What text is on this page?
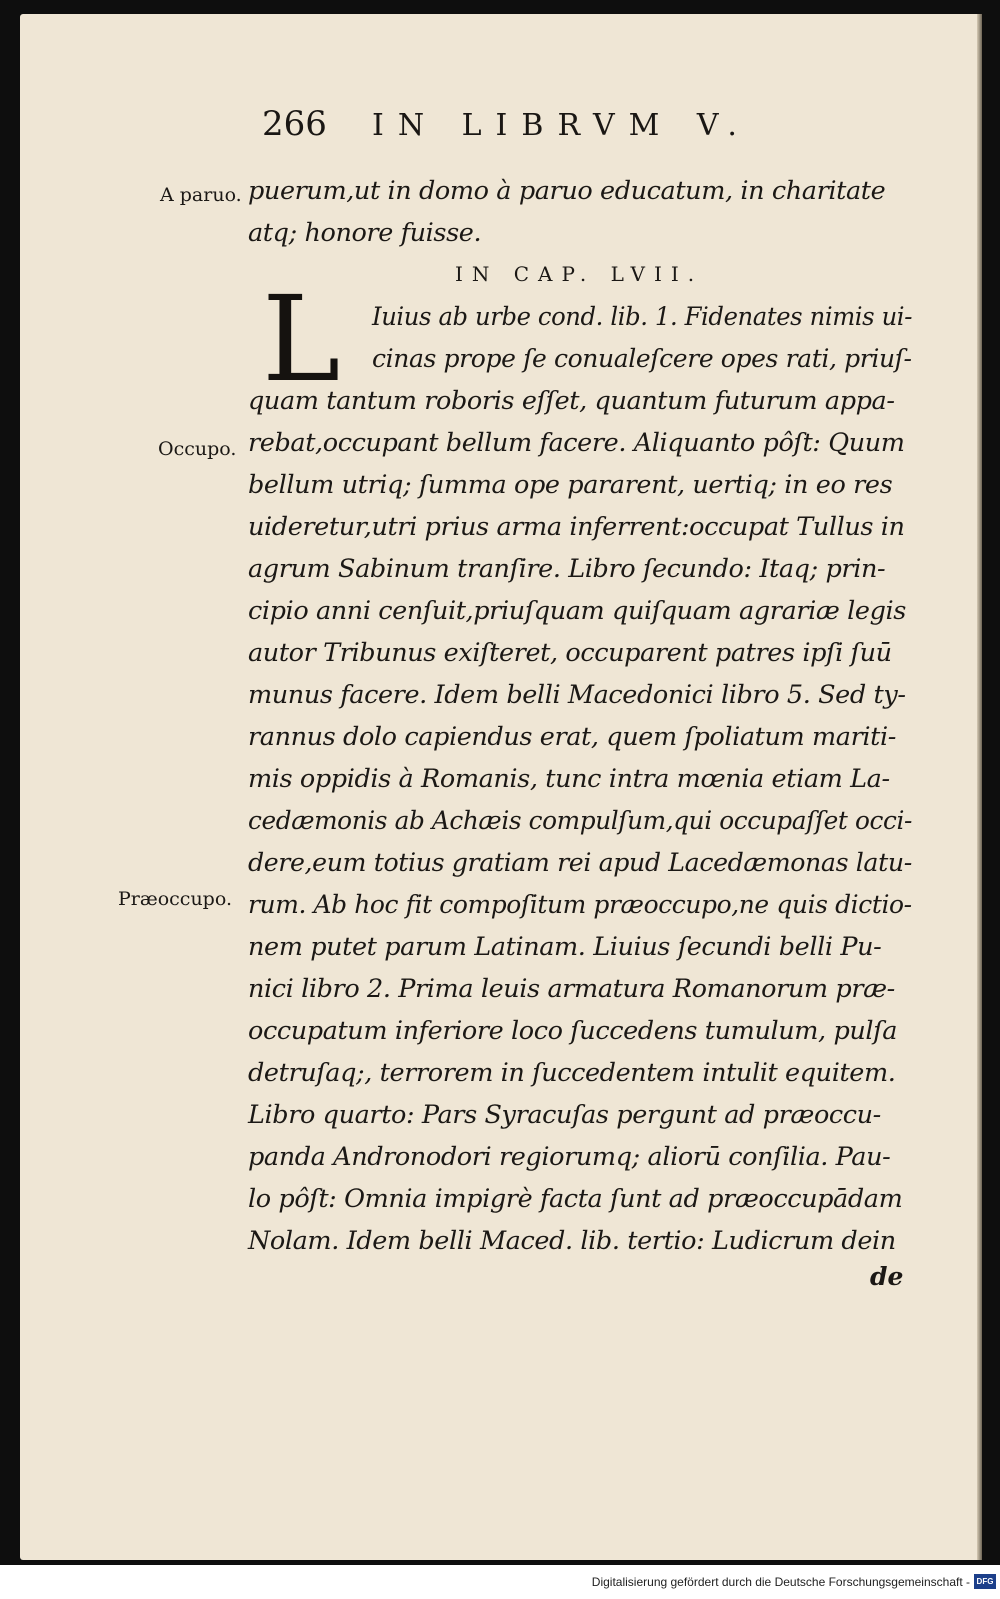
266 IN LIBRVM V.
A paruo.
Occupo.
Præoccupo.
puerum,ut in domo à paruo educatum, in charitate
atq; honore fuisse.
IN CAP. LVII.
L Iuius ab urbe cond. lib. 1. Fidenates nimis ui-
cinas prope ſe conualeſcere opes rati, priuſ-
quam tantum roboris eſſet, quantum futurum appa-
rebat,occupant bellum facere. Aliquanto pôſt: Quum
bellum utriq; ſumma ope pararent, uertiq; in eo res
uideretur,utri prius arma inferrent:occupat Tullus in
agrum Sabinum tranſire. Libro ſecundo: Itaq; prin-
cipio anni cenſuit,priuſquam quiſquam agrariæ legis
autor Tribunus exiſteret, occuparent patres ipſi ſuū
munus facere. Idem belli Macedonici libro 5. Sed ty-
rannus dolo capiendus erat, quem ſpoliatum mariti-
mis oppidis à Romanis, tunc intra mœnia etiam La-
cedæmonis ab Achæis compulſum,qui occupaſſet occi-
dere,eum totius gratiam rei apud Lacedæmonas latu-
rum. Ab hoc fit compoſitum præoccupo,ne quis dictio-
nem putet parum Latinam. Liuius ſecundi belli Pu-
nici libro 2. Prima leuis armatura Romanorum præ-
occupatum inferiore loco ſuccedens tumulum, pulſa
detruſaq;, terrorem in ſuccedentem intulit equitem.
Libro quarto: Pars Syracuſas pergunt ad præoccu-
panda Andronodori regiorumq; aliorū conſilia. Pau-
lo pôſt: Omnia impigrè facta ſunt ad præoccupādam
Nolam. Idem belli Maced. lib. tertio: Ludicrum dein
de
Digitalisierung gefördert durch die Deutsche Forschungsgemeinschaft - DFG
